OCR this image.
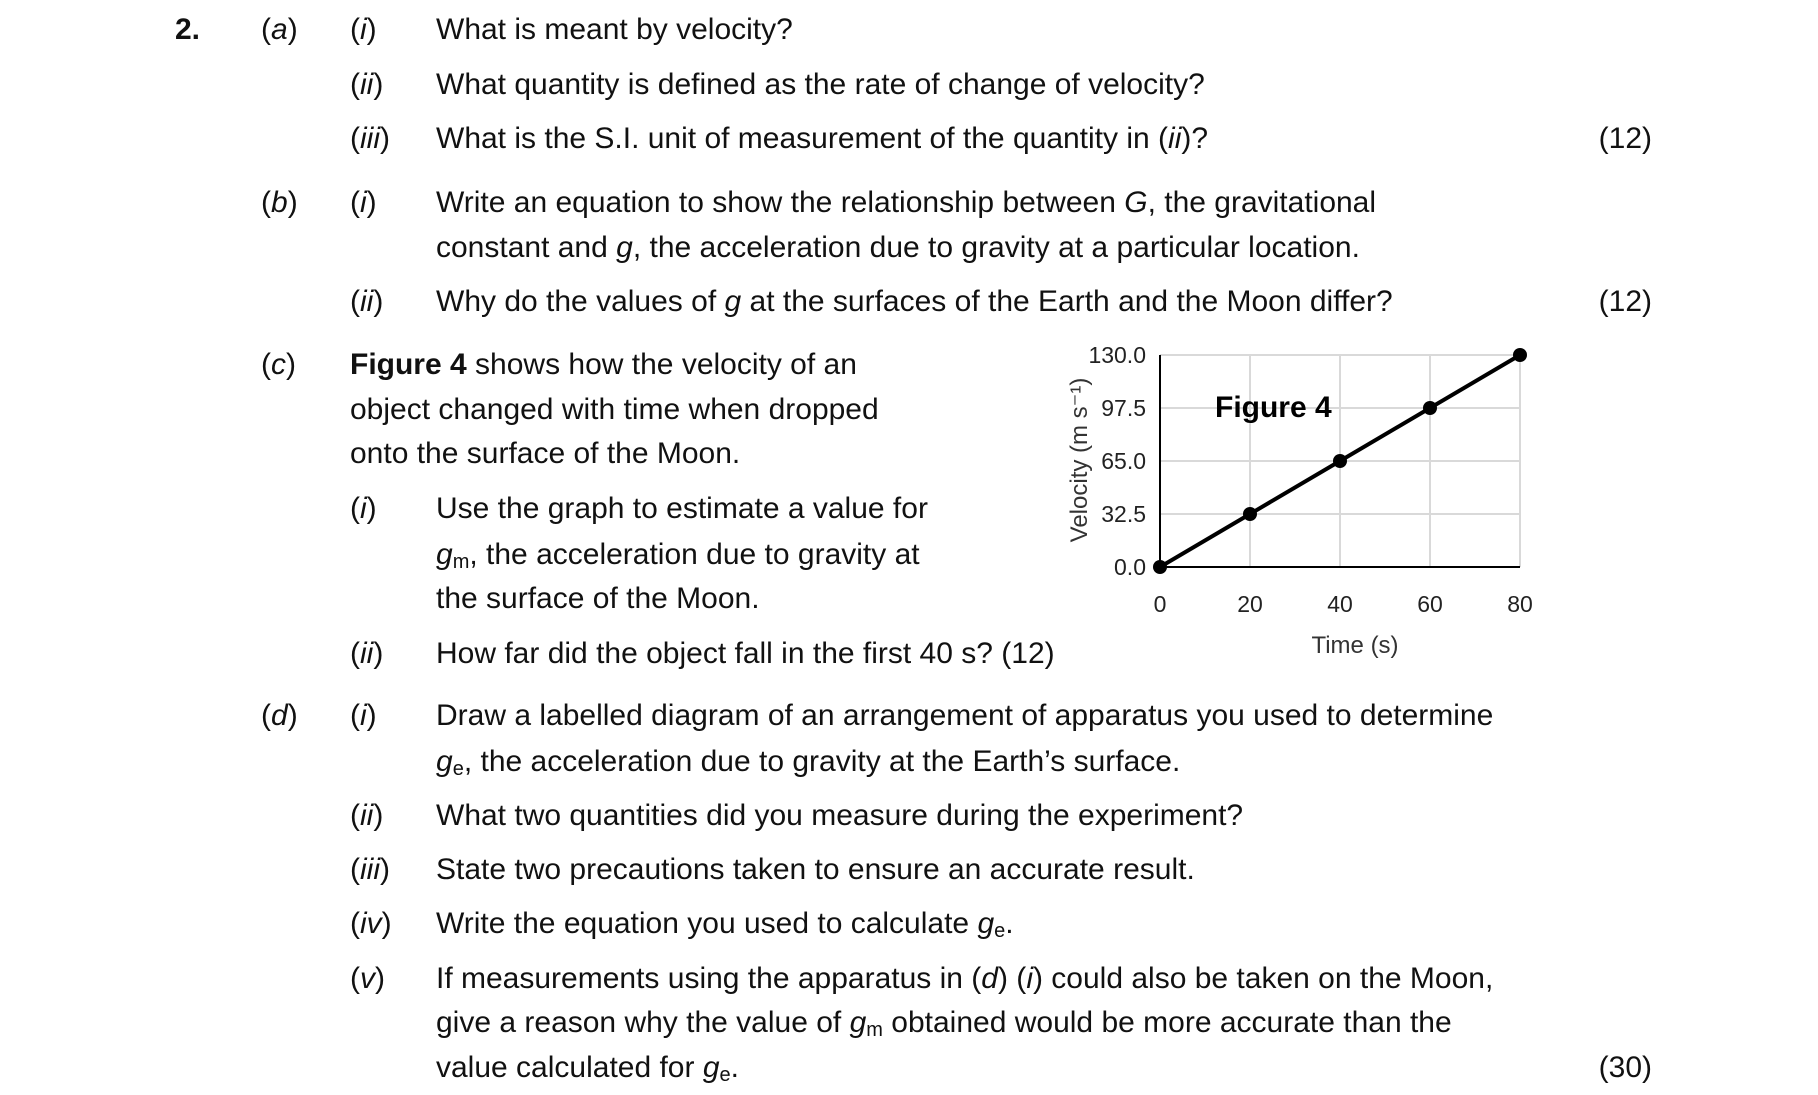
2. (a) (i) What is meant by velocity?
(ii) What quantity is defined as the rate of change of velocity?
(iii) What is the S.I. unit of measurement of the quantity in (ii)?	(12)
(b) (i) Write an equation to show the relationship between G, the gravitational
constant and g, the acceleration due to gravity at a particular location.
(ii) Why do the values of g at the surfaces of the Earth and the Moon differ?	(12)
(c) Figure 4 shows how the velocity of an
object changed with time when dropped
onto the surface of the Moon.
(i) Use the graph to estimate a value for
$g_m$, the acceleration due to gravity at
the surface of the Moon.
(ii) How far did the object fall in the first 40 s? (12)
(d) (i) Draw a labelled diagram of an arrangement of apparatus you used to determine
$g_e$, the acceleration due to gravity at the Earth’s surface.
(ii) What two quantities did you measure during the experiment?
(iii) State two precautions taken to ensure an accurate result.
(iv) Write the equation you used to calculate $g_e$.
(v) If measurements using the apparatus in (d) (i) could also be taken on the Moon,
give a reason why the value of $g_m$ obtained would be more accurate than the
value calculated for $g_e$.	(30)
0.0
32.5
65.0
97.5
130.0
0	20	40	60	80
Figure 4
Time (s)
Velocity (m s⁻¹)
